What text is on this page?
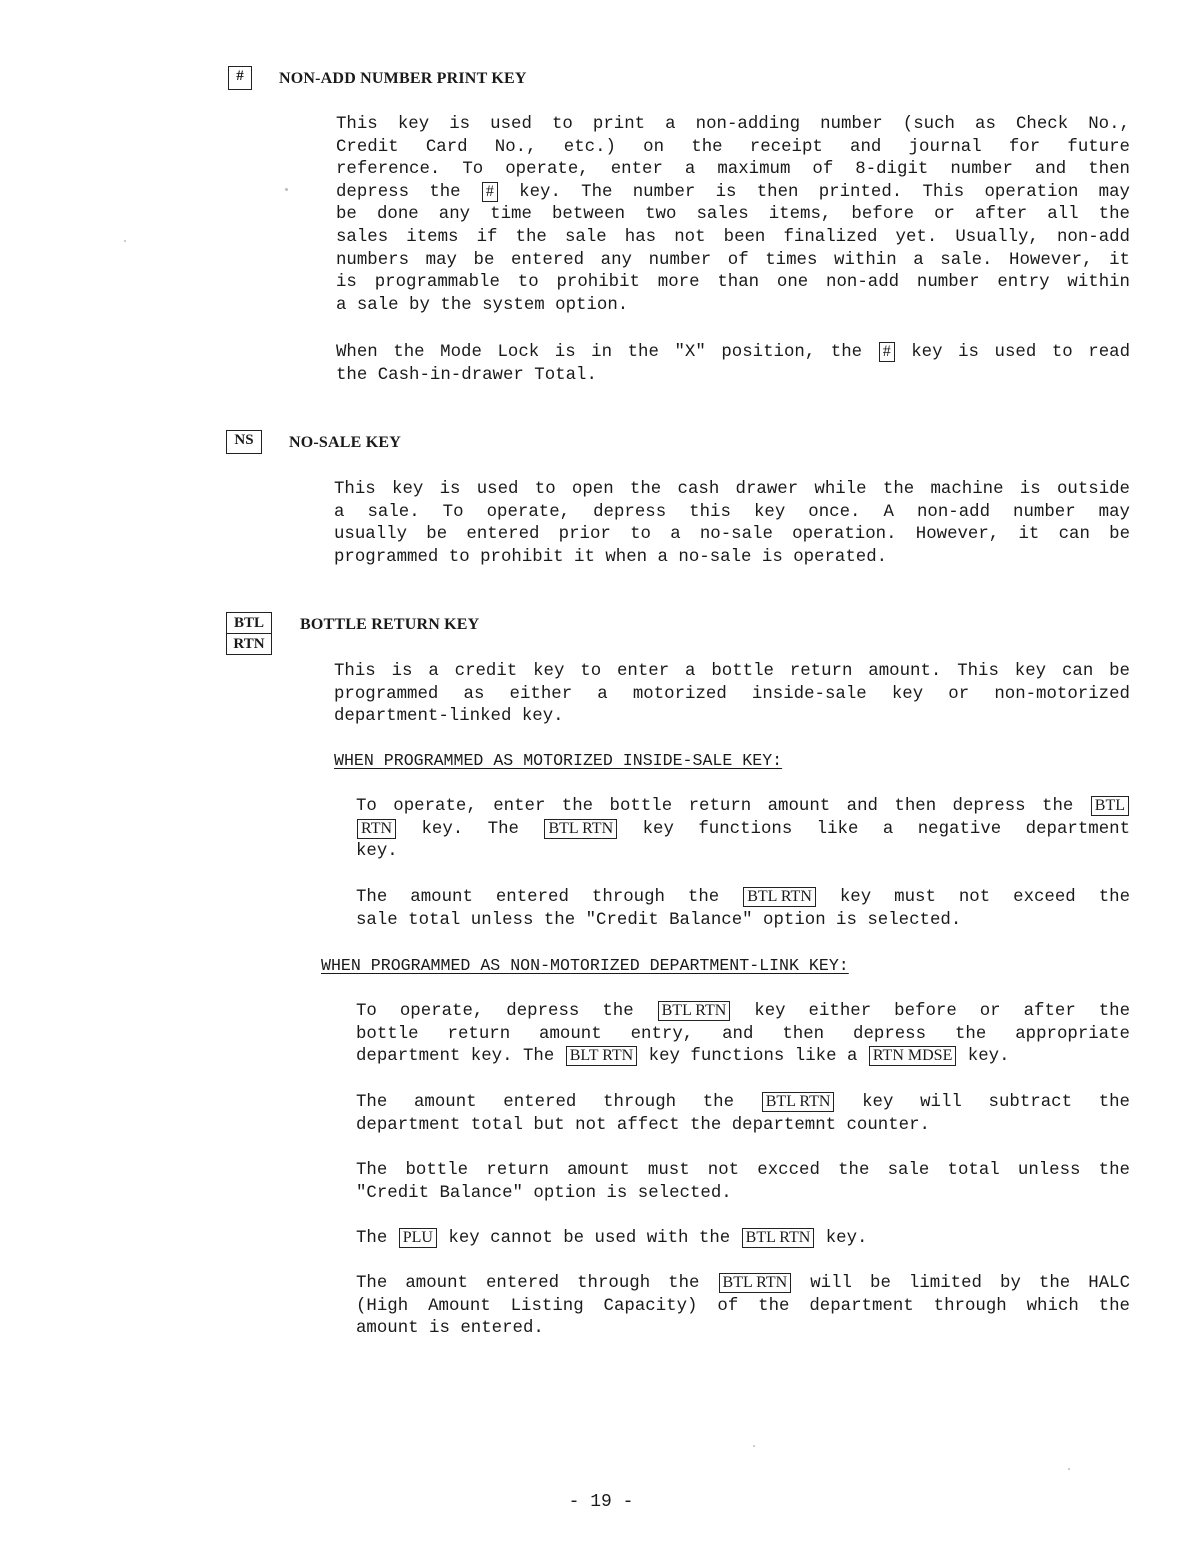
#	NON-ADD NUMBER PRINT KEY
This key is used to print a non-adding number (such as Check No.,
Credit Card No., etc.) on the receipt and journal for future
reference. To operate, enter a maximum of 8-digit number and then
depress the # key. The number is then printed. This operation may
be done any time between two sales items, before or after all the
sales items if the sale has not been finalized yet. Usually, non-add
numbers may be entered any number of times within a sale. However, it
is programmable to prohibit more than one non-add number entry within
a sale by the system option.
When the Mode Lock is in the "X" position, the # key is used to read
the Cash-in-drawer Total.
NS	NO-SALE KEY
This key is used to open the cash drawer while the machine is outside
a sale. To operate, depress this key once. A non-add number may
usually be entered prior to a no-sale operation. However, it can be
programmed to prohibit it when a no-sale is operated.
BTL
RTN
BOTTLE RETURN KEY
This is a credit key to enter a bottle return amount. This key can be
programmed as either a motorized inside-sale key or non-motorized
department-linked key.
WHEN PROGRAMMED AS MOTORIZED INSIDE-SALE KEY:
To operate, enter the bottle return amount and then depress the BTL
RTN key. The BTL RTN key functions like a negative department
key.
The amount entered through the BTL RTN key must not exceed the
sale total unless the "Credit Balance" option is selected.
WHEN PROGRAMMED AS NON-MOTORIZED DEPARTMENT-LINK KEY:
To operate, depress the BTL RTN key either before or after the
bottle return amount entry, and then depress the appropriate
department key. The BLT RTN key functions like a RTN MDSE key.
The amount entered through the BTL RTN key will subtract the
department total but not affect the departemnt counter.
The bottle return amount must not excced the sale total unless the
"Credit Balance" option is selected.
The PLU key cannot be used with the BTL RTN key.
The amount entered through the BTL RTN will be limited by the HALC
(High Amount Listing Capacity) of the department through which the
amount is entered.
- 19 -
